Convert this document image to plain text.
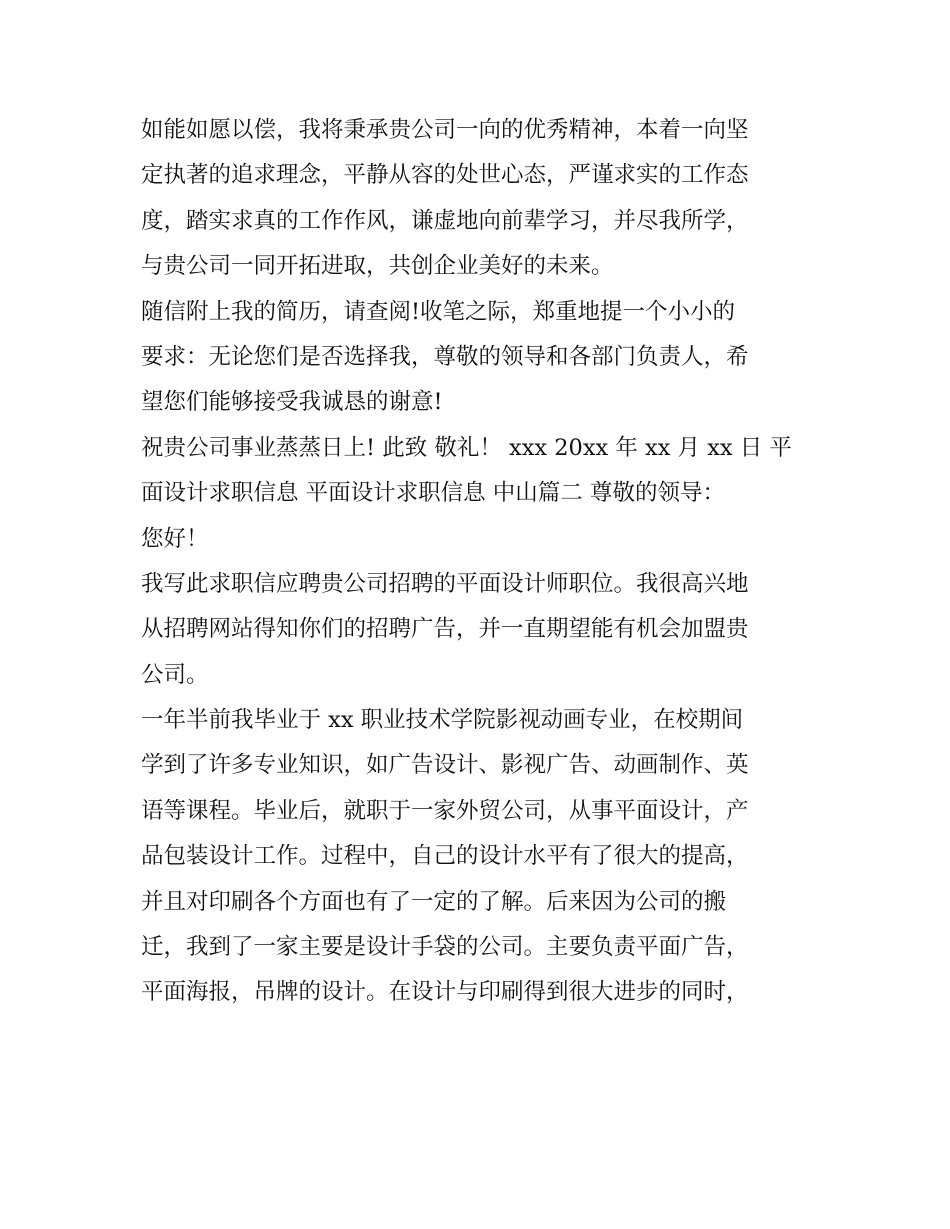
如能如愿以偿，我将秉承贵公司一向的优秀精神，本着一向坚
定执著的追求理念，平静从容的处世心态，严谨求实的工作态
度，踏实求真的工作作风，谦虚地向前辈学习，并尽我所学，
与贵公司一同开拓进取，共创企业美好的未来。
随信附上我的简历，请查阅!收笔之际，郑重地提一个小小的
要求：无论您们是否选择我，尊敬的领导和各部门负责人，希
望您们能够接受我诚恳的谢意!
祝贵公司事业蒸蒸日上! 此致 敬礼！ xxx 20xx 年 xx 月 xx 日 平
面设计求职信息 平面设计求职信息 中山篇二 尊敬的领导：
您好！
我写此求职信应聘贵公司招聘的平面设计师职位。我很高兴地
从招聘网站得知你们的招聘广告，并一直期望能有机会加盟贵
公司。
一年半前我毕业于 xx 职业技术学院影视动画专业，在校期间
学到了许多专业知识，如广告设计、影视广告、动画制作、英
语等课程。毕业后，就职于一家外贸公司，从事平面设计，产
品包装设计工作。过程中，自己的设计水平有了很大的提高，
并且对印刷各个方面也有了一定的了解。后来因为公司的搬
迁，我到了一家主要是设计手袋的公司。主要负责平面广告，
平面海报，吊牌的设计。在设计与印刷得到很大进步的同时，
